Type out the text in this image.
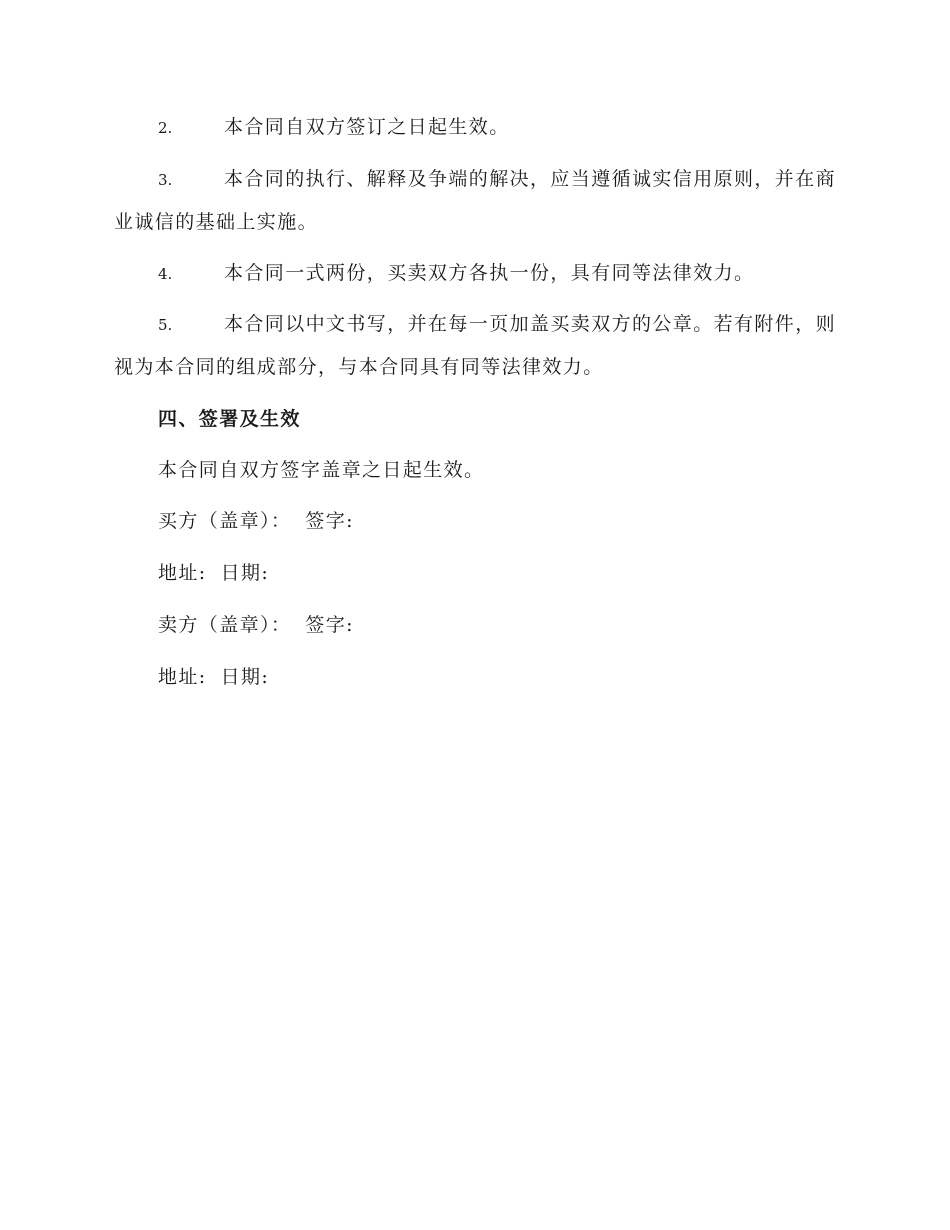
2.	本合同自双方签订之日起生效。

3.	本合同的执行、解释及争端的解决，应当遵循诚实信用原则，并在商业诚信的基础上实施。

4.	本合同一式两份，买卖双方各执一份，具有同等法律效力。

5.	本合同以中文书写，并在每一页加盖买卖双方的公章。若有附件，则视为本合同的组成部分，与本合同具有同等法律效力。

四、签署及生效

本合同自双方签字盖章之日起生效。

买方（盖章）： 签字:

地址: 日期:

卖方（盖章）： 签字:

地址: 日期:
